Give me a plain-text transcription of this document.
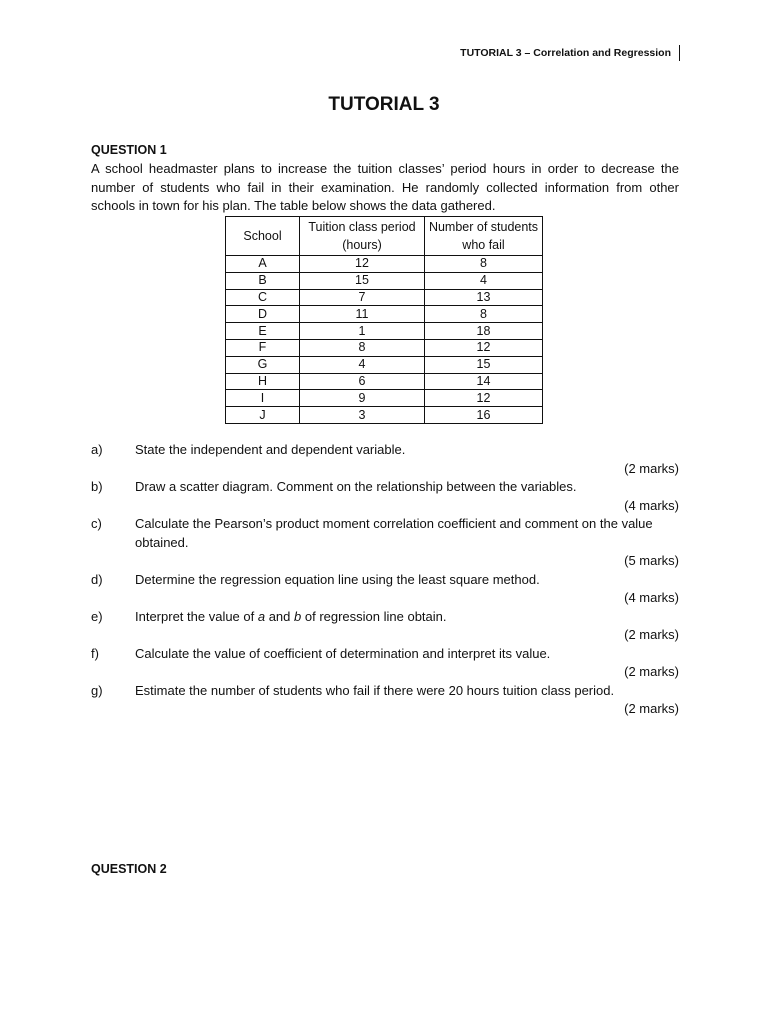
TUTORIAL 3 – Correlation and Regression
TUTORIAL 3
QUESTION 1

A school headmaster plans to increase the tuition classes’ period hours in order to decrease the number of students who fail in their examination. He randomly collected information from other schools in town for his plan. The table below shows the data gathered.

School	Tuition class period (hours)	Number of students who fail
A	12	8
B	15	4
C	7	13
D	11	8
E	1	18
F	8	12
G	4	15
H	6	14
I	9	12
J	3	16
a)	State the independent and dependent variable.
(2 marks)
b)	Draw a scatter diagram. Comment on the relationship between the variables.
(4 marks)
c)	Calculate the Pearson’s product moment correlation coefficient and comment on the value obtained.
(5 marks)
d)	Determine the regression equation line using the least square method.
(4 marks)
e)	Interpret the value of a and b of regression line obtain.
(2 marks)
f)	Calculate the value of coefficient of determination and interpret its value.
(2 marks)
g)	Estimate the number of students who fail if there were 20 hours tuition class period.
(2 marks)
QUESTION 2
